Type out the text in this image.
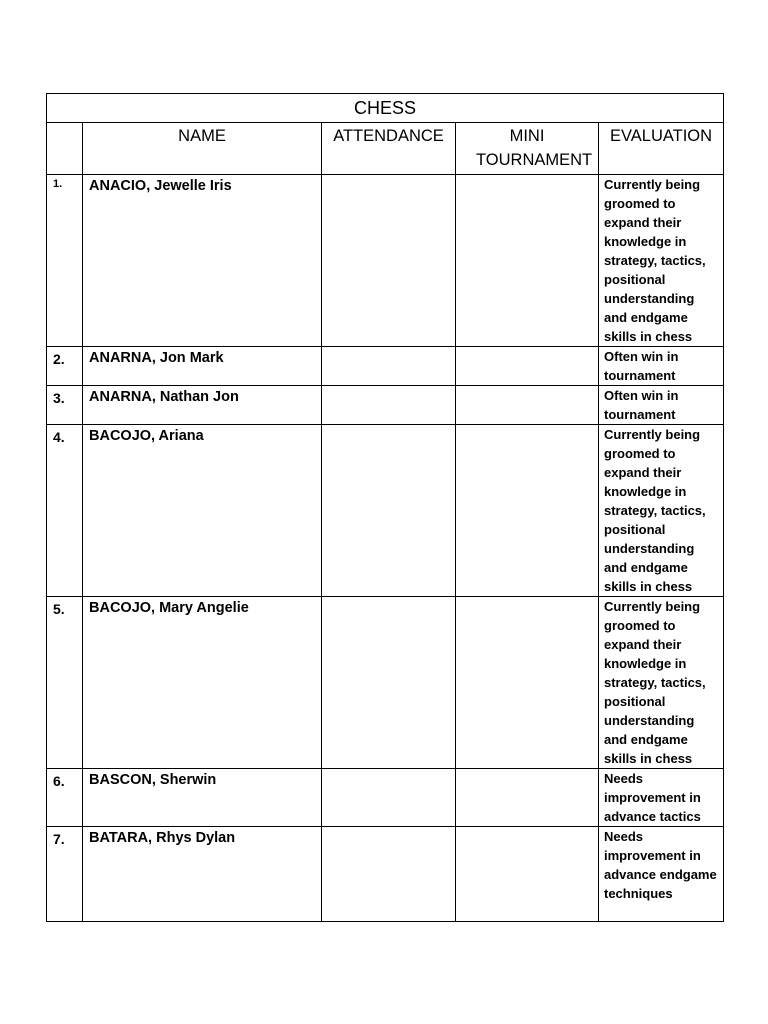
CHESS				
	NAME	ATTENDANCE	MINI TOURNAMENT	EVALUATION
1.	ANACIO, Jewelle Iris			Currently being groomed to expand their knowledge in strategy, tactics, positional understanding and endgame skills in chess
2.	ANARNA, Jon Mark			Often win in tournament
3.	ANARNA, Nathan Jon			Often win in tournament
4.	BACOJO, Ariana			Currently being groomed to expand their knowledge in strategy, tactics, positional understanding and endgame skills in chess
5.	BACOJO, Mary Angelie			Currently being groomed to expand their knowledge in strategy, tactics, positional understanding and endgame skills in chess
6.	BASCON, Sherwin			Needs improvement in advance tactics
7.	BATARA, Rhys Dylan			Needs improvement in advance endgame techniques
